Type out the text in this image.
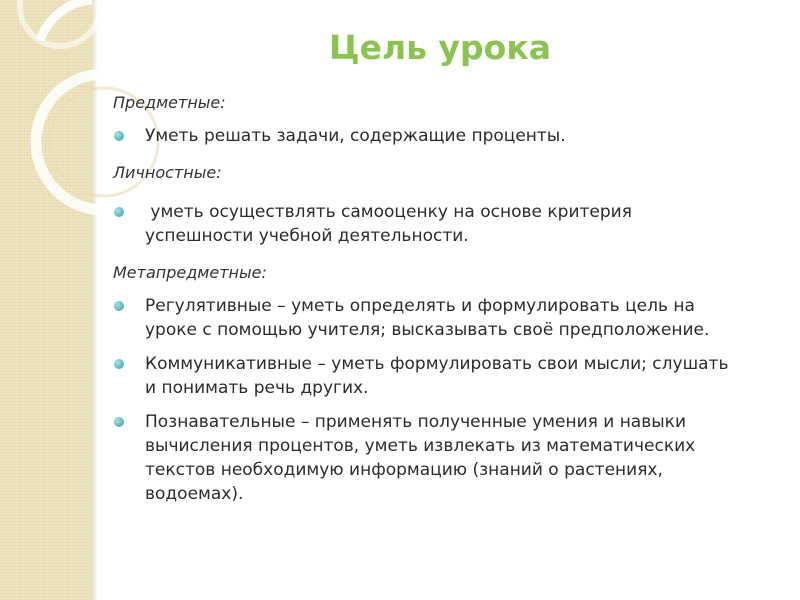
Цель урока

Предметные:

Уметь решать задачи, содержащие проценты.

Личностные:

уметь осуществлять самооценку на основе критерия
успешности учебной деятельности.

Метапредметные:

Регулятивные – уметь определять и формулировать цель на
уроке с помощью учителя; высказывать своё предположение.
Коммуникативные – уметь формулировать свои мысли; слушать
и понимать речь других.
Познавательные – применять полученные умения и навыки
вычисления процентов, уметь извлекать из математических
текстов необходимую информацию (знаний о растениях,
водоемах).
